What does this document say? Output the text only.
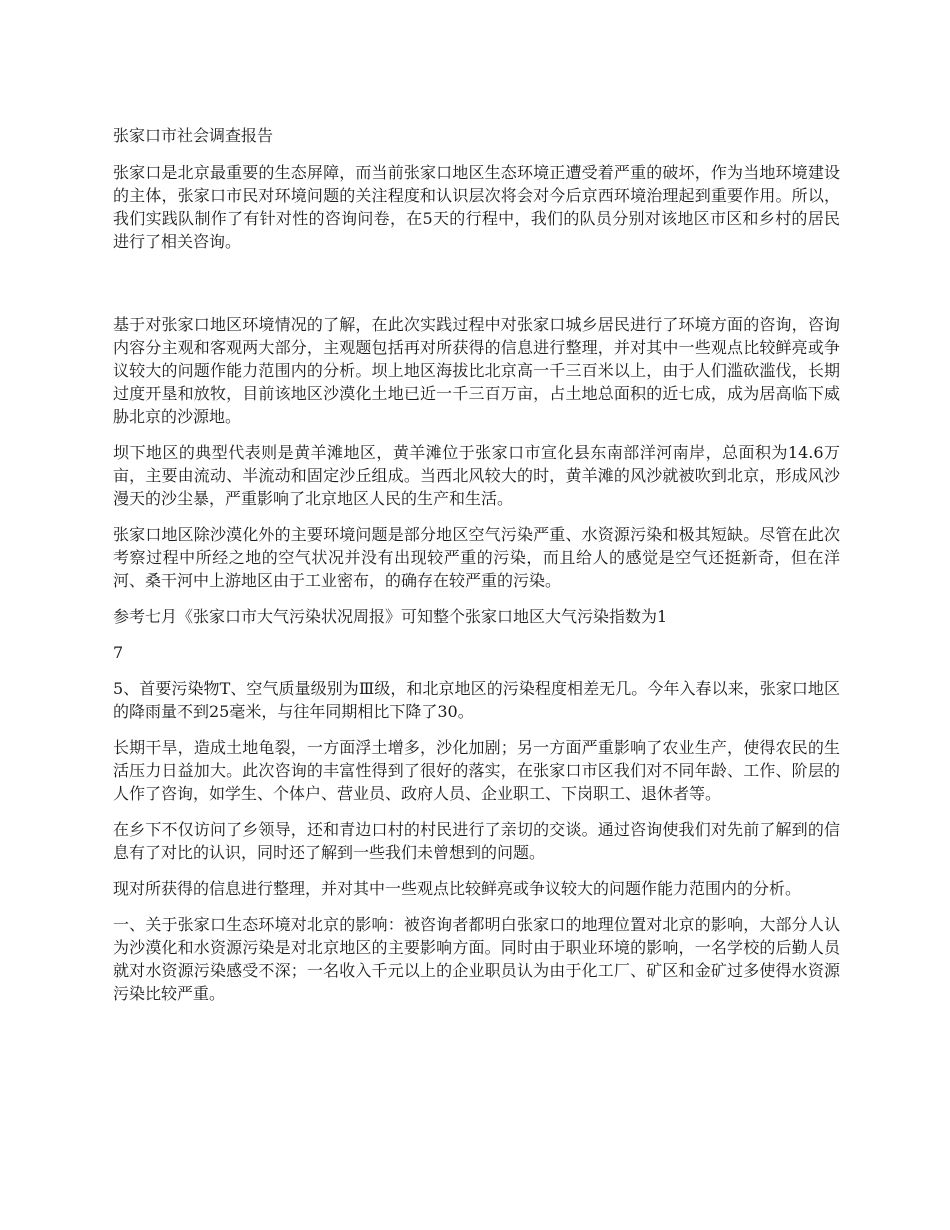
张家口市社会调查报告

张家口是北京最重要的生态屏障，而当前张家口地区生态环境正遭受着严重的破坏，作为当地环境建设的主体，张家口市民对环境问题的关注程度和认识层次将会对今后京西环境治理起到重要作用。所以，我们实践队制作了有针对性的咨询问卷，在5天的行程中，我们的队员分别对该地区市区和乡村的居民进行了相关咨询。

基于对张家口地区环境情况的了解，在此次实践过程中对张家口城乡居民进行了环境方面的咨询，咨询内容分主观和客观两大部分，主观题包括再对所获得的信息进行整理，并对其中一些观点比较鲜亮或争议较大的问题作能力范围内的分析。坝上地区海拔比北京高一千三百米以上，由于人们滥砍滥伐，长期过度开垦和放牧，目前该地区沙漠化土地已近一千三百万亩，占土地总面积的近七成，成为居高临下威胁北京的沙源地。

坝下地区的典型代表则是黄羊滩地区，黄羊滩位于张家口市宣化县东南部洋河南岸，总面积为14.6万亩，主要由流动、半流动和固定沙丘组成。当西北风较大的时，黄羊滩的风沙就被吹到北京，形成风沙漫天的沙尘暴，严重影响了北京地区人民的生产和生活。

张家口地区除沙漠化外的主要环境问题是部分地区空气污染严重、水资源污染和极其短缺。尽管在此次考察过程中所经之地的空气状况并没有出现较严重的污染，而且给人的感觉是空气还挺新奇，但在洋河、桑干河中上游地区由于工业密布，的确存在较严重的污染。

参考七月《张家口市大气污染状况周报》可知整个张家口地区大气污染指数为1

7

5、首要污染物T、空气质量级别为Ⅲ级，和北京地区的污染程度相差无几。今年入春以来，张家口地区的降雨量不到25毫米，与往年同期相比下降了30。

长期干旱，造成土地龟裂，一方面浮土增多，沙化加剧；另一方面严重影响了农业生产，使得农民的生活压力日益加大。此次咨询的丰富性得到了很好的落实，在张家口市区我们对不同年龄、工作、阶层的人作了咨询，如学生、个体户、营业员、政府人员、企业职工、下岗职工、退休者等。

在乡下不仅访问了乡领导，还和青边口村的村民进行了亲切的交谈。通过咨询使我们对先前了解到的信息有了对比的认识，同时还了解到一些我们未曾想到的问题。

现对所获得的信息进行整理，并对其中一些观点比较鲜亮或争议较大的问题作能力范围内的分析。

一、关于张家口生态环境对北京的影响：被咨询者都明白张家口的地理位置对北京的影响，大部分人认为沙漠化和水资源污染是对北京地区的主要影响方面。同时由于职业环境的影响，一名学校的后勤人员就对水资源污染感受不深；一名收入千元以上的企业职员认为由于化工厂、矿区和金矿过多使得水资源污染比较严重。
